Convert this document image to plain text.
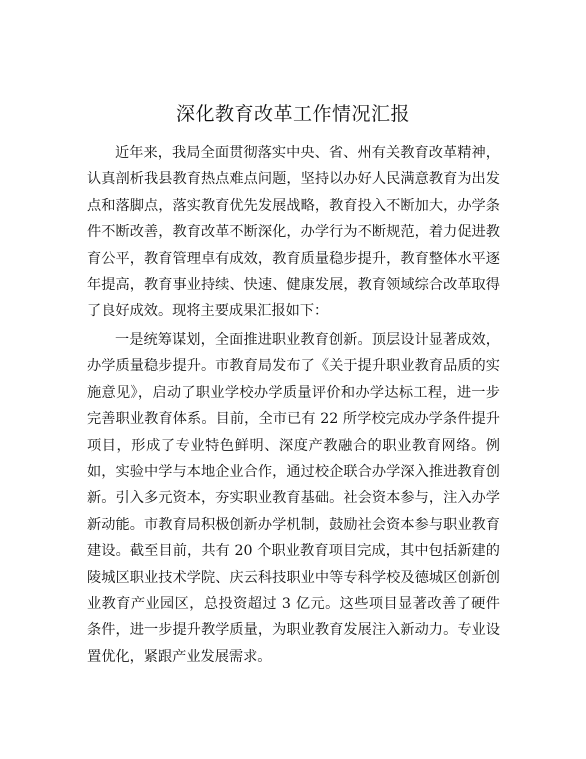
深化教育改革工作情况汇报

近年来，我局全面贯彻落实中央、省、州有关教育改革精神，认真剖析我县教育热点难点问题，坚持以办好人民满意教育为出发点和落脚点，落实教育优先发展战略，教育投入不断加大，办学条件不断改善，教育改革不断深化，办学行为不断规范，着力促进教育公平，教育管理卓有成效，教育质量稳步提升，教育整体水平逐年提高，教育事业持续、快速、健康发展，教育领域综合改革取得了良好成效。现将主要成果汇报如下：

一是统筹谋划，全面推进职业教育创新。顶层设计显著成效，办学质量稳步提升。市教育局发布了《关于提升职业教育品质的实施意见》，启动了职业学校办学质量评价和办学达标工程，进一步完善职业教育体系。目前，全市已有 22 所学校完成办学条件提升项目，形成了专业特色鲜明、深度产教融合的职业教育网络。例如，实验中学与本地企业合作，通过校企联合办学深入推进教育创新。引入多元资本，夯实职业教育基础。社会资本参与，注入办学新动能。市教育局积极创新办学机制，鼓励社会资本参与职业教育建设。截至目前，共有 20 个职业教育项目完成，其中包括新建的陵城区职业技术学院、庆云科技职业中等专科学校及德城区创新创业教育产业园区，总投资超过 3 亿元。这些项目显著改善了硬件条件，进一步提升教学质量，为职业教育发展注入新动力。专业设置优化，紧跟产业发展需求。
